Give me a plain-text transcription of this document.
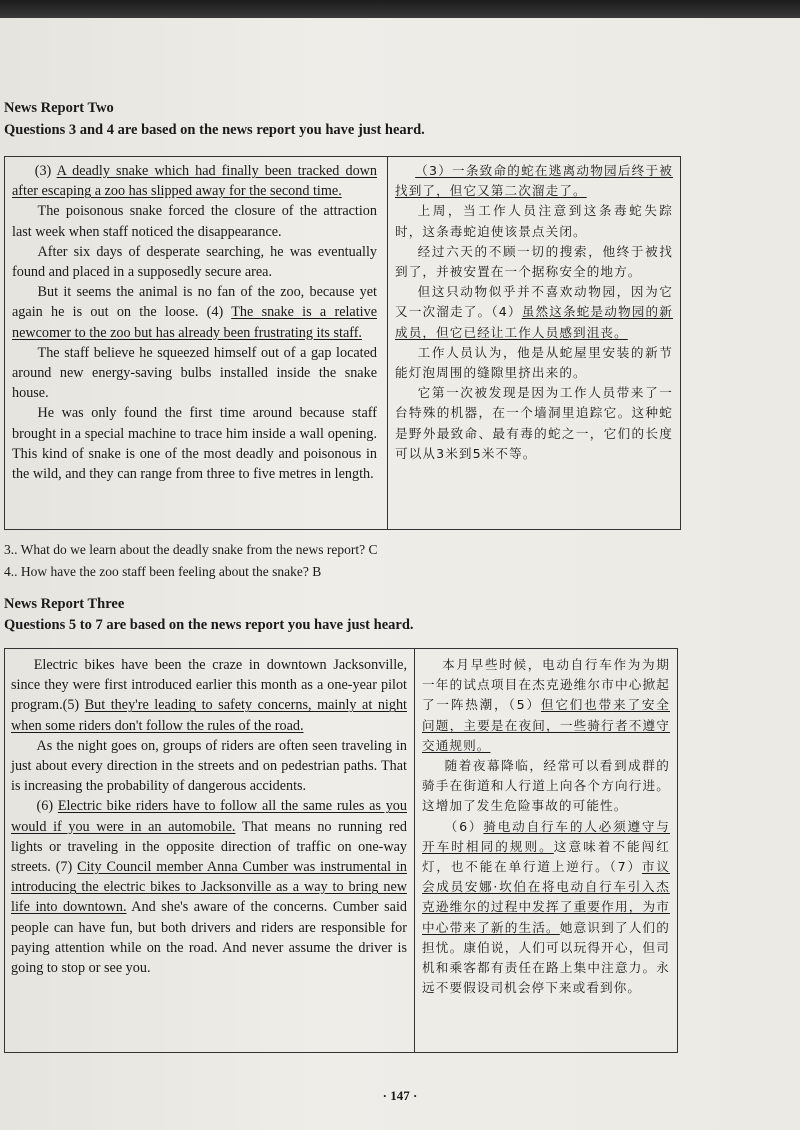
News Report Two
Questions 3 and 4 are based on the news report you have just heard.

(3) A deadly snake which had finally been tracked down after escaping a zoo has slipped away for the second time.

The poisonous snake forced the closure of the attraction last week when staff noticed the disappearance.

After six days of desperate searching, he was eventually found and placed in a supposedly secure area.

But it seems the animal is no fan of the zoo, because yet again he is out on the loose. (4) The snake is a relative newcomer to the zoo but has already been frustrating its staff.

The staff believe he squeezed himself out of a gap located around new energy-saving bulbs installed inside the snake house.

He was only found the first time around because staff brought in a special machine to trace him inside a wall opening. This kind of snake is one of the most deadly and poisonous in the wild, and they can range from three to five metres in length.

（3）一条致命的蛇在逃离动物园后终于被找到了，但它又第二次溜走了。

上周，当工作人员注意到这条毒蛇失踪时，这条毒蛇迫使该景点关闭。

经过六天的不顾一切的搜索，他终于被找到了，并被安置在一个据称安全的地方。

但这只动物似乎并不喜欢动物园，因为它又一次溜走了。（4）虽然这条蛇是动物园的新成员，但它已经让工作人员感到沮丧。

工作人员认为，他是从蛇屋里安装的新节能灯泡周围的缝隙里挤出来的。

它第一次被发现是因为工作人员带来了一台特殊的机器，在一个墙洞里追踪它。这种蛇是野外最致命、最有毒的蛇之一，它们的长度可以从3米到5米不等。

3.. What do we learn about the deadly snake from the news report? C
4.. How have the zoo staff been feeling about the snake? B
News Report Three
Questions 5 to 7 are based on the news report you have just heard.

Electric bikes have been the craze in downtown Jacksonville, since they were first introduced earlier this month as a one-year pilot program.(5) But they're leading to safety concerns, mainly at night when some riders don't follow the rules of the road.

As the night goes on, groups of riders are often seen traveling in just about every direction in the streets and on pedestrian paths. That is increasing the probability of dangerous accidents.

(6) Electric bike riders have to follow all the same rules as you would if you were in an automobile. That means no running red lights or traveling in the opposite direction of traffic on one-way streets. (7) City Council member Anna Cumber was instrumental in introducing the electric bikes to Jacksonville as a way to bring new life into downtown. And she's aware of the concerns. Cumber said people can have fun, but both drivers and riders are responsible for paying attention while on the road. And never assume the driver is going to stop or see you.

本月早些时候，电动自行车作为为期一年的试点项目在杰克逊维尔市中心掀起了一阵热潮，（5）但它们也带来了安全问题，主要是在夜间，一些骑行者不遵守交通规则。

随着夜幕降临，经常可以看到成群的骑手在街道和人行道上向各个方向行进。这增加了发生危险事故的可能性。

（6）骑电动自行车的人必须遵守与开车时相同的规则。这意味着不能闯红灯，也不能在单行道上逆行。（7）市议会成员安娜·坎伯在将电动自行车引入杰克逊维尔的过程中发挥了重要作用，为市中心带来了新的生活。她意识到了人们的担忧。康伯说，人们可以玩得开心，但司机和乘客都有责任在路上集中注意力。永远不要假设司机会停下来或看到你。

· 147 ·
